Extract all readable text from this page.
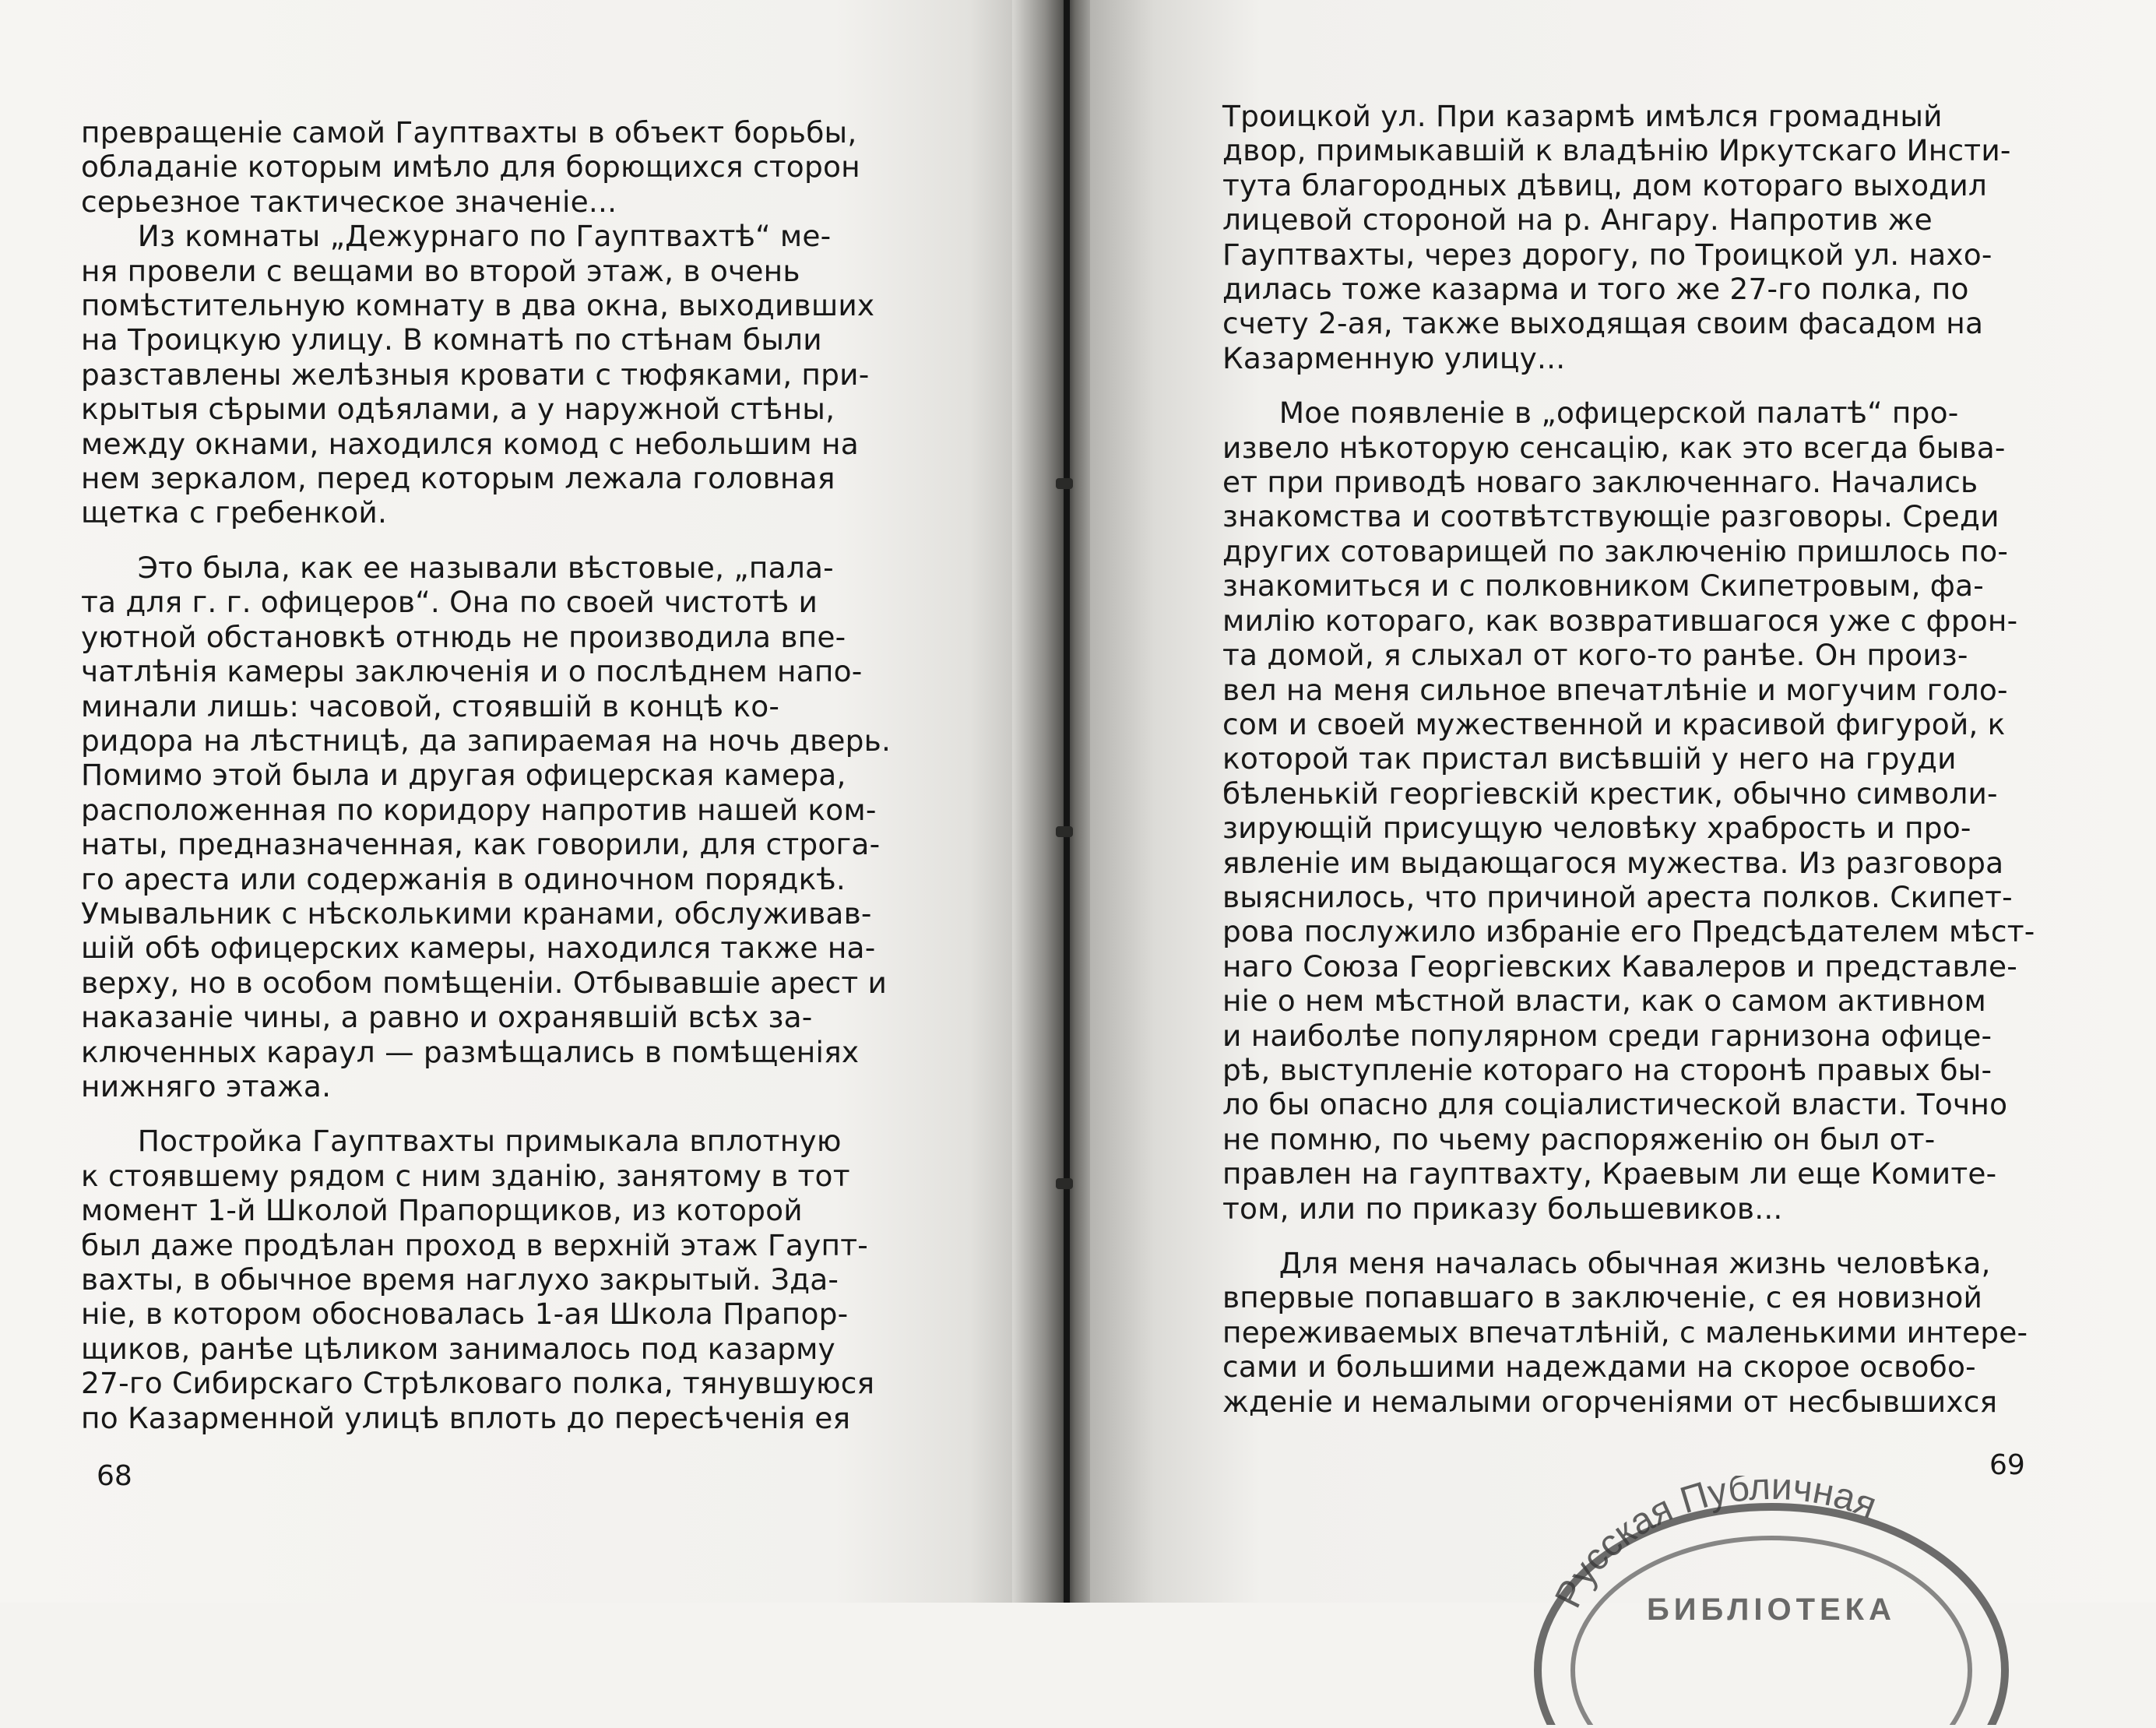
превращенiе самой Гауптвахты в объект борьбы,
обладанiе которым имѣло для борющихся сторон
серьезное тактическое значенiе...

Из комнаты „Дежурнаго по Гауптвахтѣ“ ме-
ня провели с вещами во второй этаж, в очень
помѣстительную комнату в два окна, выходивших
на Троицкую улицу. В комнатѣ по стѣнам были
разставлены желѣзныя кровати с тюфяками, при-
крытыя сѣрыми одѣялами, а у наружной стѣны,
между окнами, находился комод с небольшим на
нем зеркалом, перед которым лежала головная
щетка с гребенкой.

Это была, как ее называли вѣстовые, „пала-
та для г. г. офицеров“. Она по своей чистотѣ и
уютной обстановкѣ отнюдь не производила впе-
чатлѣнiя камеры заключенiя и о послѣднем напо-
минали лишь: часовой, стоявшiй в концѣ ко-
ридора на лѣстницѣ, да запираемая на ночь дверь.
Помимо этой была и другая офицерская камера,
расположенная по коридору напротив нашей ком-
наты, предназначенная, как говорили, для строга-
го ареста или содержанiя в одиночном порядкѣ.
Умывальник с нѣсколькими кранами, обслуживав-
шiй обѣ офицерских камеры, находился также на-
верху, но в особом помѣщенiи. Отбывавшiе арест и
наказанiе чины, а равно и охранявшiй всѣх за-
ключенных караул — размѣщались в помѣщенiях
нижняго этажа.

Постройка Гауптвахты примыкала вплотную
к стоявшему рядом с ним зданiю, занятому в тот
момент 1-й Школой Прапорщиков, из которой
был даже продѣлан проход в верхнiй этаж Гаупт-
вахты, в обычное время наглухо закрытый. Зда-
нiе, в котором обосновалась 1-ая Школа Прапор-
щиков, ранѣе цѣликом занималось под казарму
27-го Сибирскаго Стрѣлковаго полка, тянувшуюся
по Казарменной улицѣ вплоть до пересѣченiя ея

68

Троицкой ул. При казармѣ имѣлся громадный
двор, примыкавшiй к владѣнiю Иркутскаго Инсти-
тута благородных дѣвиц, дом котораго выходил
лицевой стороной на р. Ангару. Напротив же
Гауптвахты, через дорогу, по Троицкой ул. нахо-
дилась тоже казарма и того же 27-го полка, по
счету 2-ая, также выходящая своим фасадом на
Казарменную улицу...

Мое появленiе в „офицерской палатѣ“ про-
извело нѣкоторую сенсацiю, как это всегда быва-
ет при приводѣ новаго заключеннаго. Начались
знакомства и соотвѣтствующiе разговоры. Среди
других сотоварищей по заключенiю пришлось по-
знакомиться и с полковником Скипетровым, фа-
милiю котораго, как возвратившагося уже с фрон-
та домой, я слыхал от кого-то ранѣе. Он произ-
вел на меня сильное впечатлѣнiе и могучим голо-
сом и своей мужественной и красивой фигурой, к
которой так пристал висѣвшiй у него на груди
бѣленькiй георгiевскiй крестик, обычно символи-
зирующiй присущую человѣку храбрость и про-
явленiе им выдающагося мужества. Из разговора
выяснилось, что причиной ареста полков. Скипет-
рова послужило избранiе его Предсѣдателем мѣст-
наго Союза Георгiевских Кавалеров и представле-
нiе о нем мѣстной власти, как о самом активном
и наиболѣе популярном среди гарнизона офице-
рѣ, выступленiе котораго на сторонѣ правых бы-
ло бы опасно для соцiалистической власти. Точно
не помню, по чьему распоряженiю он был от-
правлен на гауптвахту, Краевым ли еще Комите-
том, или по приказу большевиков...

Для меня началась обычная жизнь человѣка,
впервые попавшаго в заключенiе, с ея новизной
переживаемых впечатлѣнiй, с маленькими интере-
сами и большими надеждами на скорое освобо-
жденiе и немалыми огорченiями от несбывшихся

69
Русская Публичная
БИБЛIОТЕКА
